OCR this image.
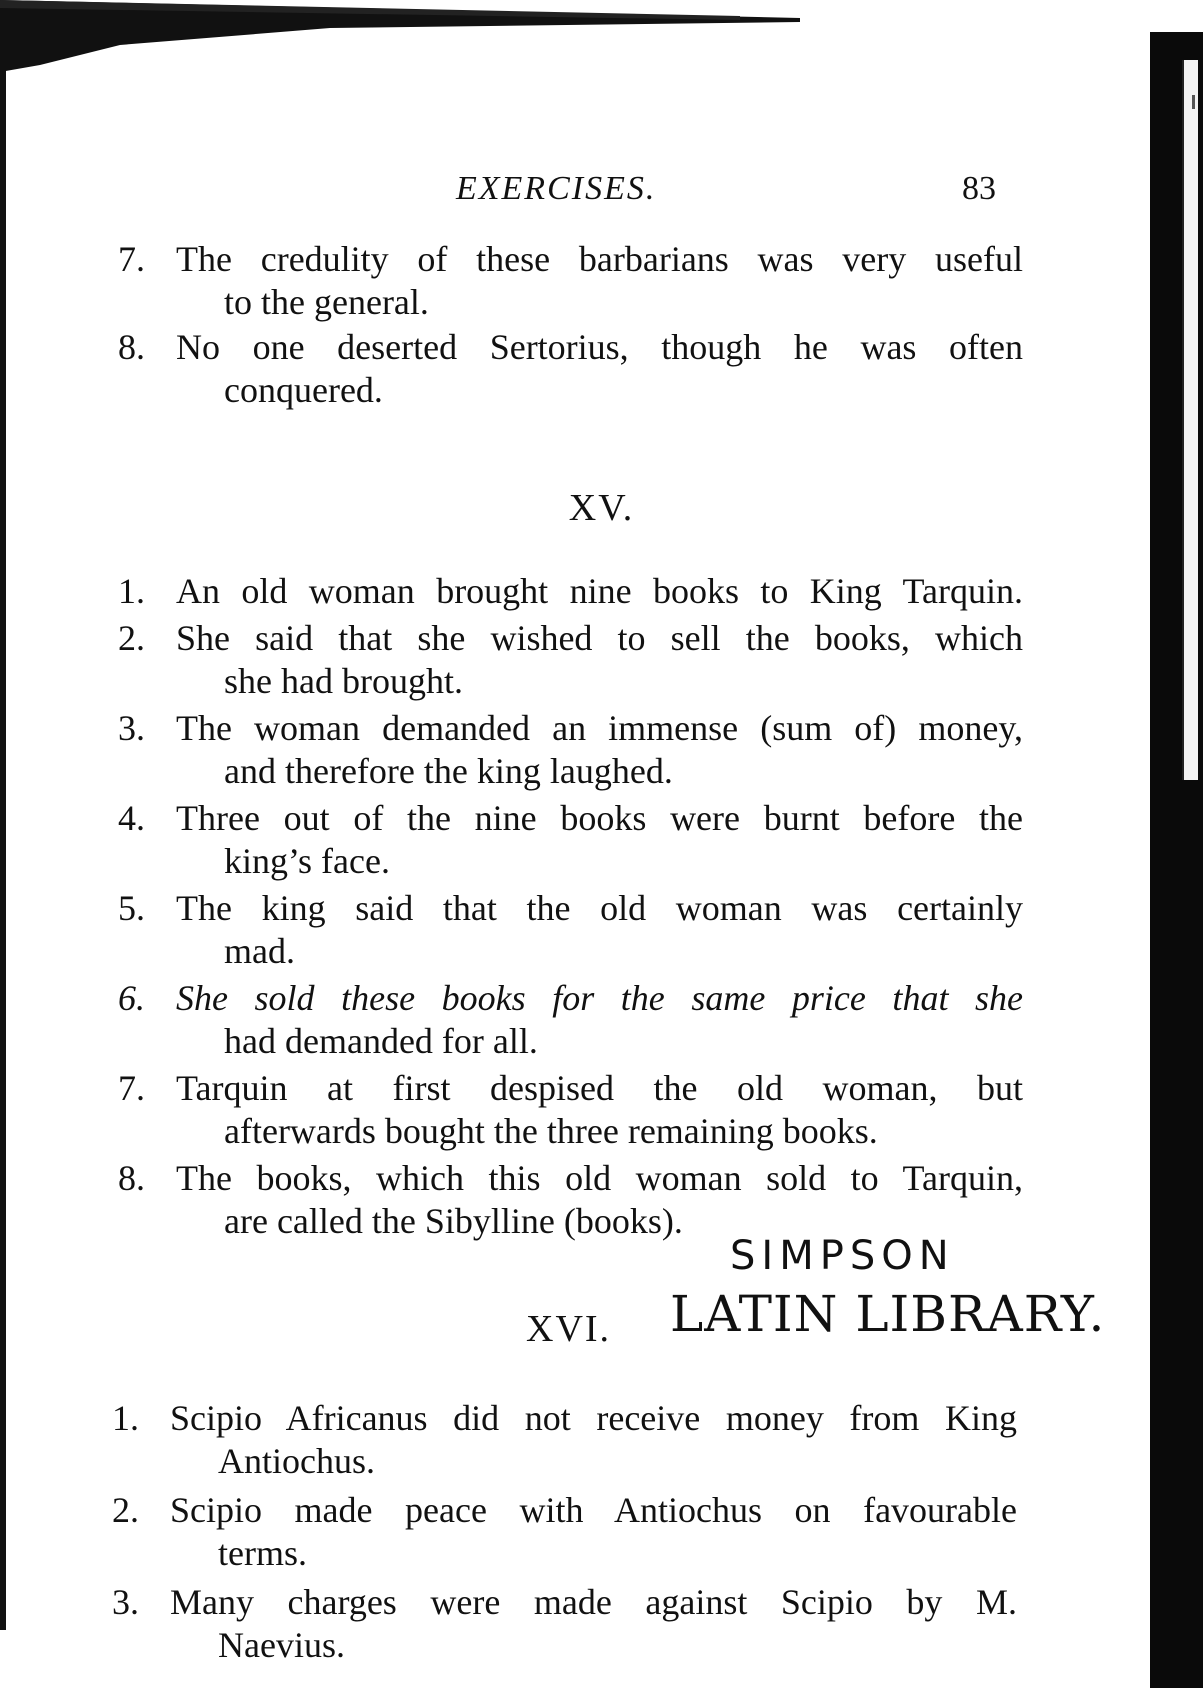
EXERCISES.	83

7. The credulity of these barbarians was very useful
to the general.

8. No one deserted Sertorius, though he was often
conquered.

XV.

1. An old woman brought nine books to King Tarquin.

2. She said that she wished to sell the books, which
she had brought.

3. The woman demanded an immense (sum of) money,
and therefore the king laughed.

4. Three out of the nine books were burnt before the
king’s face.

5. The king said that the old woman was certainly
mad.

6. She sold these books for the same price that she
had demanded for all.

7. Tarquin at first despised the old woman, but
afterwards bought the three remaining books.

8. The books, which this old woman sold to Tarquin,
are called the Sibylline (books).

SIMPSON
LATIN LIBRARY.
XVI.

1. Scipio Africanus did not receive money from King
Antiochus.

2. Scipio made peace with Antiochus on favourable
terms.

3. Many charges were made against Scipio by M.
Naevius.
